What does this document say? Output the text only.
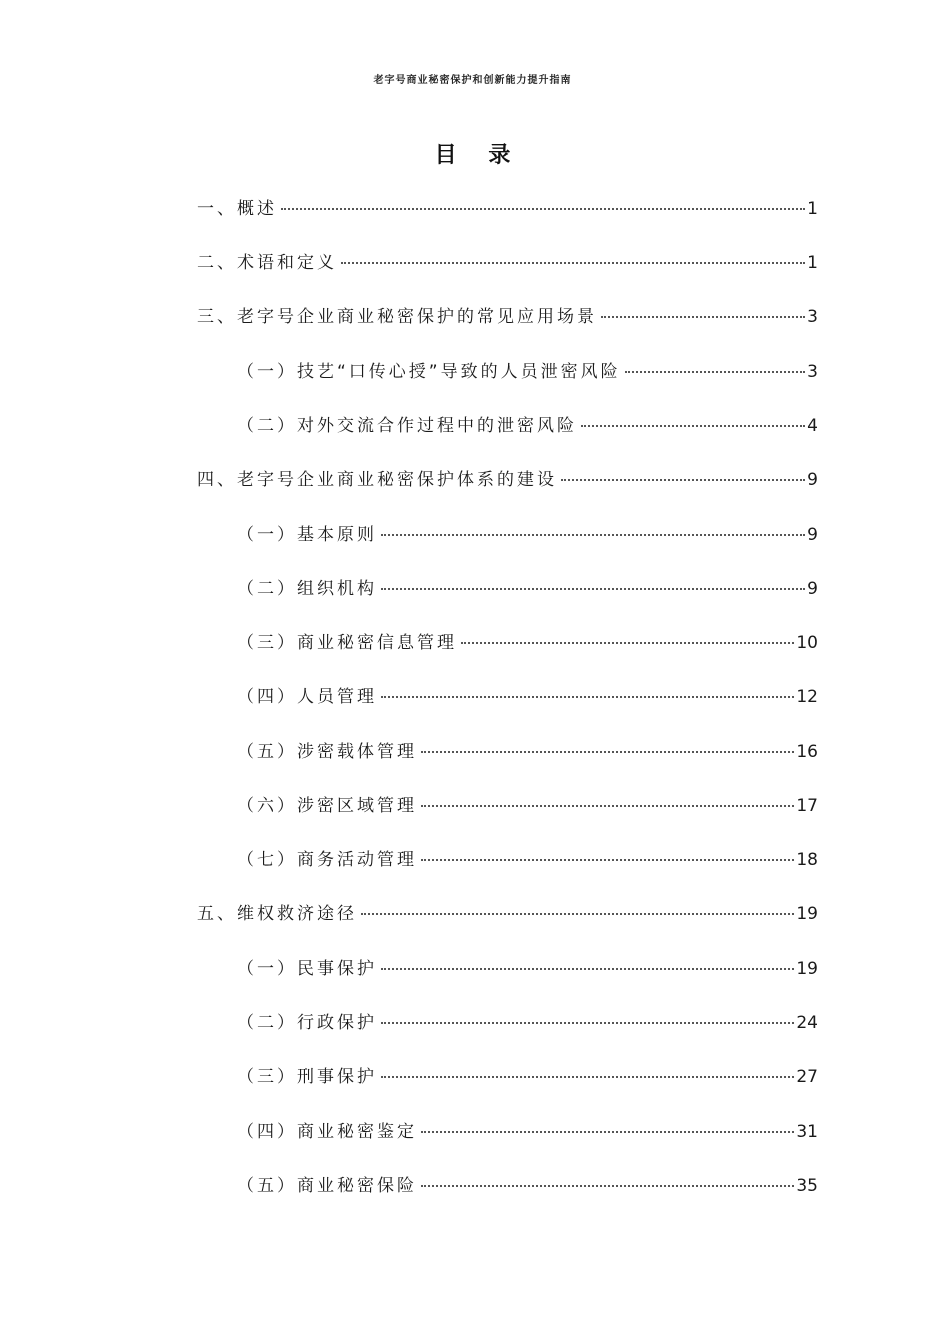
老字号商业秘密保护和创新能力提升指南
目 录
一、概述	1
二、术语和定义	1
三、老字号企业商业秘密保护的常见应用场景	3
（一）技艺“口传心授”导致的人员泄密风险	3
（二）对外交流合作过程中的泄密风险	4
四、老字号企业商业秘密保护体系的建设	9
（一）基本原则	9
（二）组织机构	9
（三）商业秘密信息管理	10
（四）人员管理	12
（五）涉密载体管理	16
（六）涉密区域管理	17
（七）商务活动管理	18
五、维权救济途径	19
（一）民事保护	19
（二）行政保护	24
（三）刑事保护	27
（四）商业秘密鉴定	31
（五）商业秘密保险	35
